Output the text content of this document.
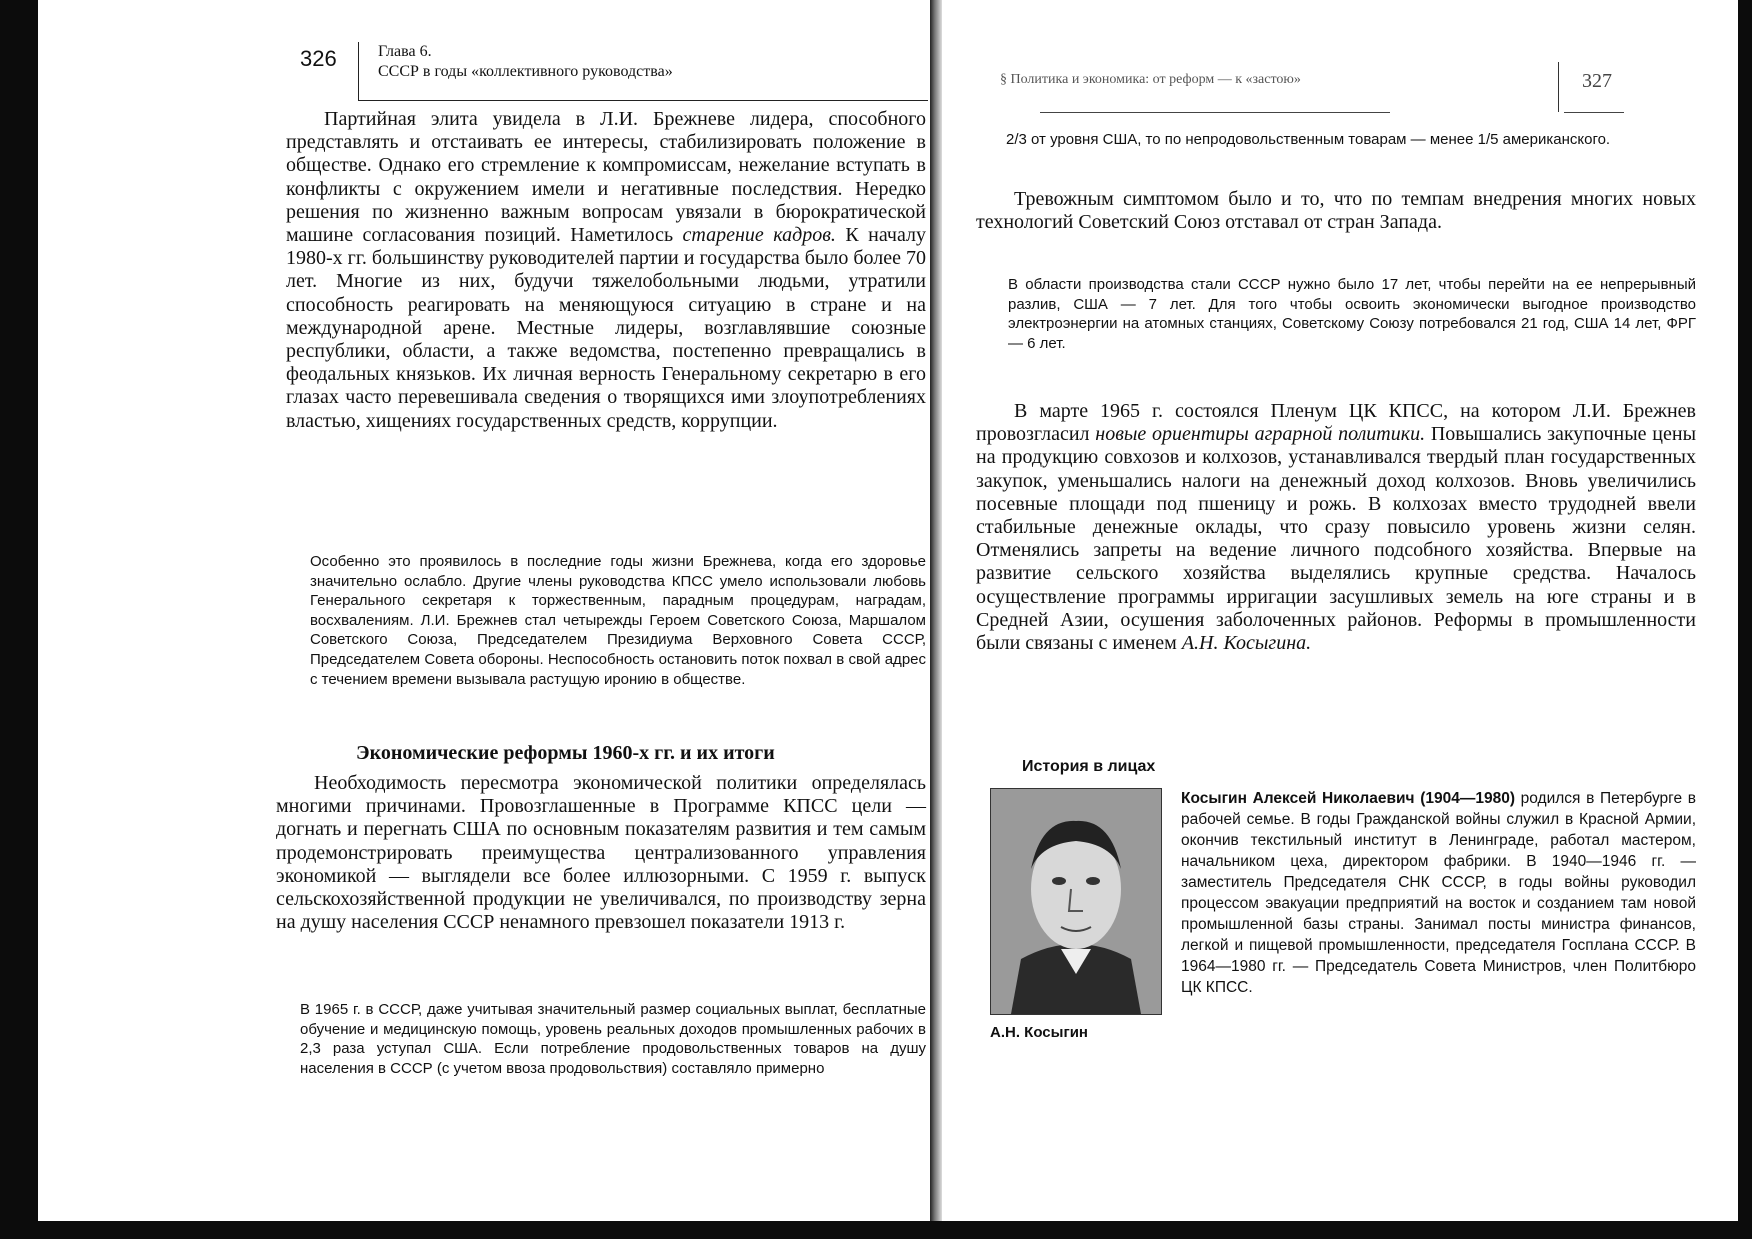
326	Глава 6.
СССР в годы «коллективного руководства»

Партийная элита увидела в Л.И. Брежневе лидера, способного представлять и отстаивать ее интересы, стабилизировать положение в обществе. Однако его стремление к компромиссам, нежелание вступать в конфликты с окружением имели и негативные последствия. Нередко решения по жизненно важным вопросам увязали в бюрократической машине согласования позиций. Наметилось старение кадров. К началу 1980-х гг. большинству руководителей партии и государства было более 70 лет. Многие из них, будучи тяжелобольными людьми, утратили способность реагировать на меняющуюся ситуацию в стране и на международной арене. Местные лидеры, возглавлявшие союзные республики, области, а также ведомства, постепенно превращались в феодальных князьков. Их личная верность Генеральному секретарю в его глазах часто перевешивала сведения о творящихся ими злоупотреблениях властью, хищениях государственных средств, коррупции.

Особенно это проявилось в последние годы жизни Брежнева, когда его здоровье значительно ослабло. Другие члены руководства КПСС умело использовали любовь Генерального секретаря к торжественным, парадным процедурам, наградам, восхвалениям. Л.И. Брежнев стал четырежды Героем Советского Союза, Маршалом Советского Союза, Председателем Президиума Верховного Совета СССР, Председателем Совета обороны. Неспособность остановить поток похвал в свой адрес с течением времени вызывала растущую иронию в обществе.
Экономические реформы 1960-х гг. и их итоги

Необходимость пересмотра экономической политики определялась многими причинами. Провозглашенные в Программе КПСС цели — догнать и перегнать США по основным показателям развития и тем самым продемонстрировать преимущества централизованного управления экономикой — выглядели все более иллюзорными. С 1959 г. выпуск сельскохозяйственной продукции не увеличивался, по производству зерна на душу населения СССР ненамного превзошел показатели 1913 г.

В 1965 г. в СССР, даже учитывая значительный размер социальных выплат, бесплатные обучение и медицинскую помощь, уровень реальных доходов промышленных рабочих в 2,3 раза уступал США. Если потребление продовольственных товаров на душу населения в СССР (с учетом ввоза продовольствия) составляло примерно
§ Политика и экономика: от реформ — к «застою»	327
2/3 от уровня США, то по непродовольственным товарам — менее 1/5 американского.

Тревожным симптомом было и то, что по темпам внедрения многих новых технологий Советский Союз отставал от стран Запада.

В области производства стали СССР нужно было 17 лет, чтобы перейти на ее непрерывный разлив, США — 7 лет. Для того чтобы освоить экономически выгодное производство электроэнергии на атомных станциях, Советскому Союзу потребовался 21 год, США 14 лет, ФРГ — 6 лет.

В марте 1965 г. состоялся Пленум ЦК КПСС, на котором Л.И. Брежнев провозгласил новые ориентиры аграрной политики. Повышались закупочные цены на продукцию совхозов и колхозов, устанавливался твердый план государственных закупок, уменьшались налоги на денежный доход колхозов. Вновь увеличились посевные площади под пшеницу и рожь. В колхозах вместо трудодней ввели стабильные денежные оклады, что сразу повысило уровень жизни селян. Отменялись запреты на ведение личного подсобного хозяйства. Впервые на развитие сельского хозяйства выделялись крупные средства. Началось осуществление программы ирригации засушливых земель на юге страны и в Средней Азии, осушения заболоченных районов. Реформы в промышленности были связаны с именем А.Н. Косыгина.

История в лицах
А.Н. Косыгин
Косыгин Алексей Николаевич (1904—1980) родился в Петербурге в рабочей семье. В годы Гражданской войны служил в Красной Армии, окончив текстильный институт в Ленинграде, работал мастером, начальником цеха, директором фабрики. В 1940—1946 гг. — заместитель Председателя СНК СССР, в годы войны руководил процессом эвакуации предприятий на восток и созданием там новой промышленной базы страны. Занимал посты министра финансов, легкой и пищевой промышленности, председателя Госплана СССР. В 1964—1980 гг. — Председатель Совета Министров, член Политбюро ЦК КПСС.
